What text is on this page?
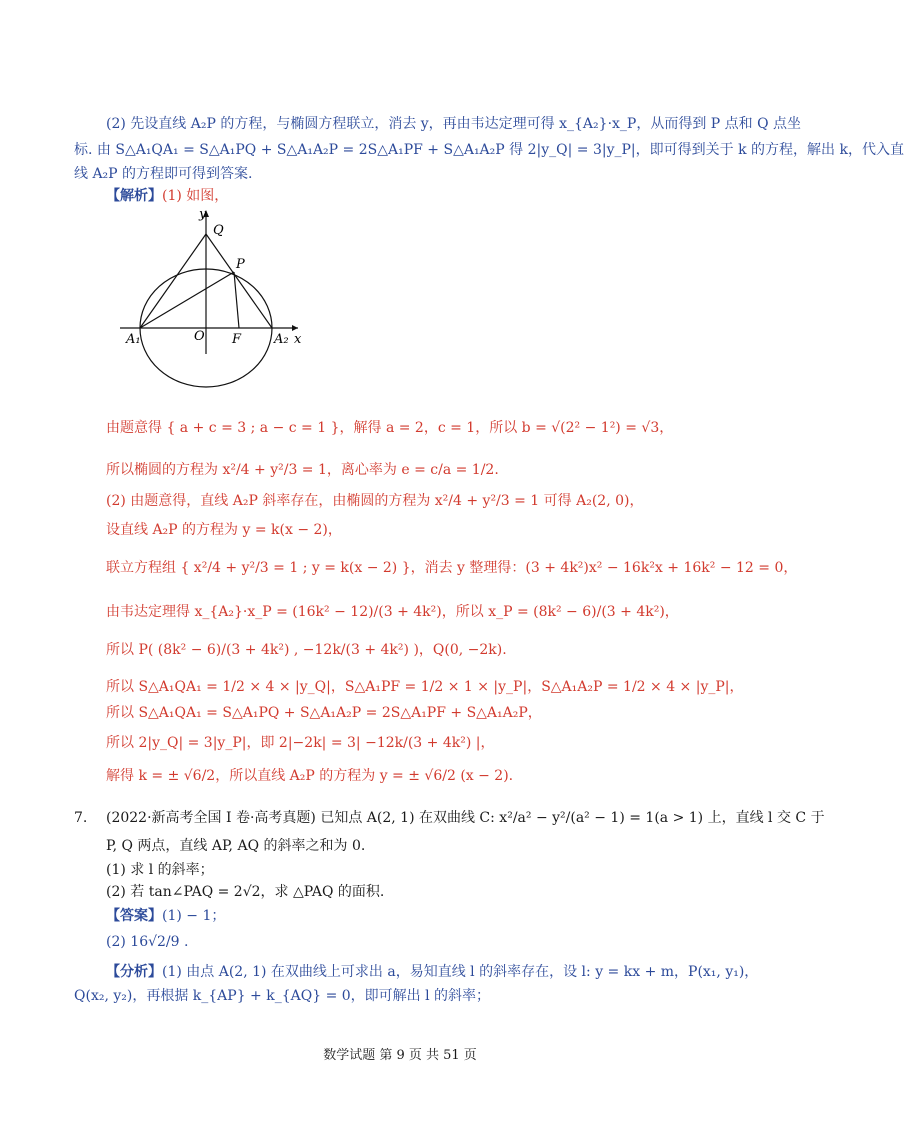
(2) 先设直线 A₂P 的方程，与椭圆方程联立，消去 y，再由韦达定理可得 x_{A₂}·x_P，从而得到 P 点和 Q 点坐
标. 由 S△A₁QA₁ = S△A₁PQ + S△A₁A₂P = 2S△A₁PF + S△A₁A₂P 得 2|y_Q| = 3|y_P|，即可得到关于 k 的方程，解出 k，代入直
线 A₂P 的方程即可得到答案.
【解析】(1) 如图，
y
Q
P
O F
A₁	A₂ x
由题意得 { a + c = 3 ; a − c = 1 }，解得 a = 2，c = 1，所以 b = √(2² − 1²) = √3，
所以椭圆的方程为 x²/4 + y²/3 = 1，离心率为 e = c/a = 1/2.
(2) 由题意得，直线 A₂P 斜率存在，由椭圆的方程为 x²/4 + y²/3 = 1 可得 A₂(2, 0)，
设直线 A₂P 的方程为 y = k(x − 2)，
联立方程组 { x²/4 + y²/3 = 1 ; y = k(x − 2) }，消去 y 整理得：(3 + 4k²)x² − 16k²x + 16k² − 12 = 0，
由韦达定理得 x_{A₂}·x_P = (16k² − 12)/(3 + 4k²)，所以 x_P = (8k² − 6)/(3 + 4k²)，
所以 P( (8k² − 6)/(3 + 4k²) , −12k/(3 + 4k²) )，Q(0, −2k).
所以 S△A₁QA₁ = 1/2 × 4 × |y_Q|，S△A₁PF = 1/2 × 1 × |y_P|，S△A₁A₂P = 1/2 × 4 × |y_P|，
所以 S△A₁QA₁ = S△A₁PQ + S△A₁A₂P = 2S△A₁PF + S△A₁A₂P，
所以 2|y_Q| = 3|y_P|，即 2|−2k| = 3| −12k/(3 + 4k²) |，
解得 k = ± √6/2，所以直线 A₂P 的方程为 y = ± √6/2 (x − 2).
7. (2022·新高考全国 Ⅰ 卷·高考真题) 已知点 A(2, 1) 在双曲线 C: x²/a² − y²/(a² − 1) = 1(a > 1) 上，直线 l 交 C 于
P, Q 两点，直线 AP, AQ 的斜率之和为 0.
(1) 求 l 的斜率；
(2) 若 tan∠PAQ = 2√2，求 △PAQ 的面积.
【答案】(1) − 1；
(2) 16√2/9 .
【分析】(1) 由点 A(2, 1) 在双曲线上可求出 a，易知直线 l 的斜率存在，设 l: y = kx + m，P(x₁, y₁)，
Q(x₂, y₂)，再根据 k_{AP} + k_{AQ} = 0，即可解出 l 的斜率；
数学试题 第 9 页 共 51 页
